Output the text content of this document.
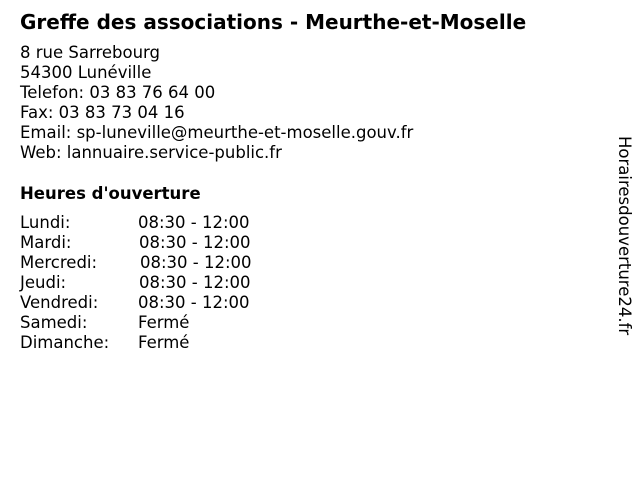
Greffe des associations - Meurthe-et-Moselle
8 rue Sarrebourg
54300 Lunéville
Telefon: 03 83 76 64 00
Fax: 03 83 73 04 16
Email: sp-luneville@meurthe-et-moselle.gouv.fr
Web: lannuaire.service-public.fr
Heures d'ouverture
Lundi:	08:30 - 12:00
Mardi:	08:30 - 12:00
Mercredi:	08:30 - 12:00
Jeudi:	08:30 - 12:00
Vendredi: 08:30 - 12:00
Samedi:	Fermé
Dimanche: Fermé
Horairesdouverture24.fr
